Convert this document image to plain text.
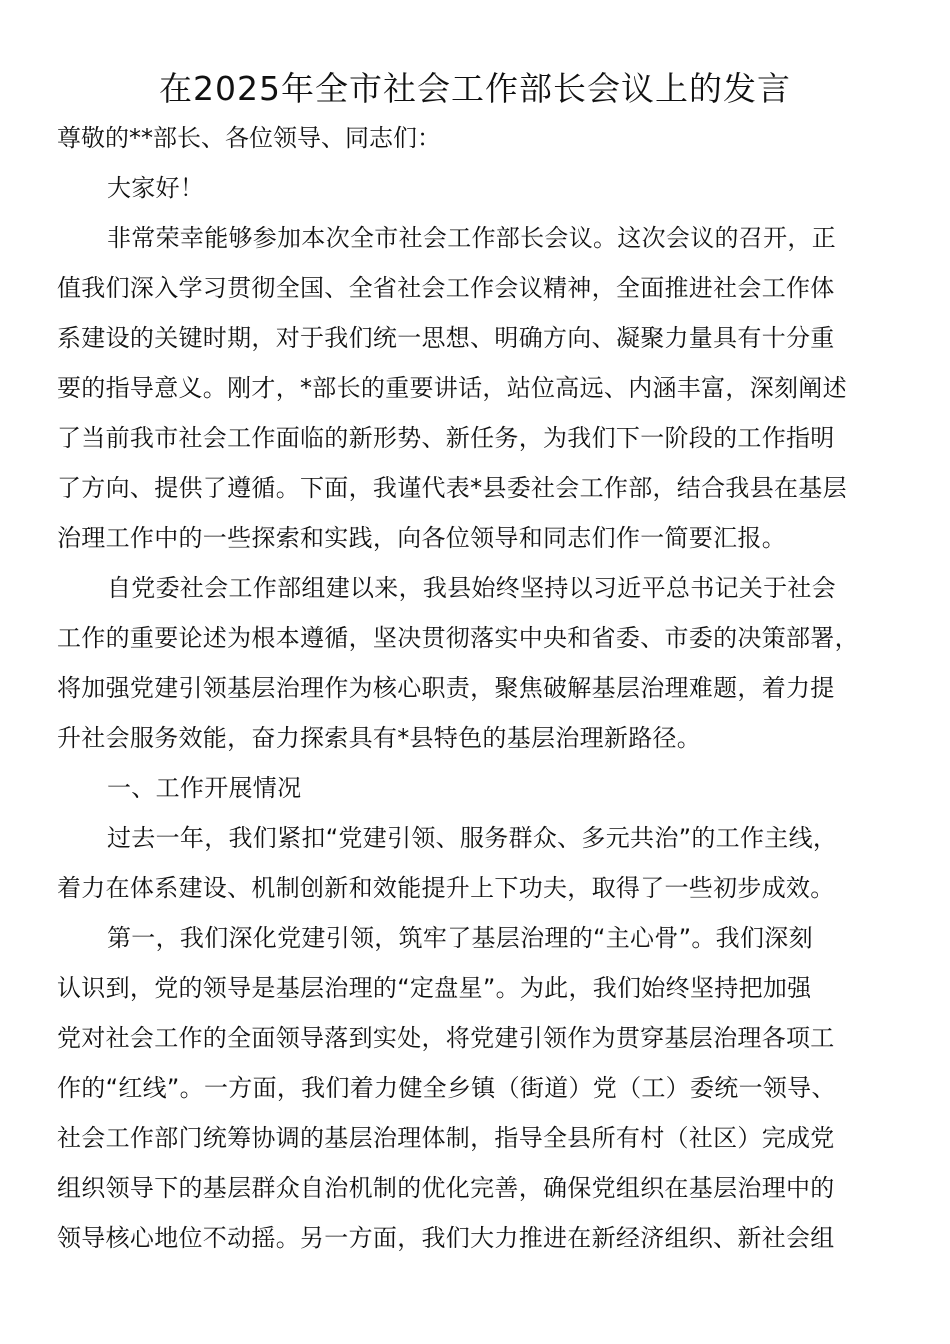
在2025年全市社会工作部长会议上的发言
尊敬的**部长、各位领导、同志们：
大家好！
非常荣幸能够参加本次全市社会工作部长会议。这次会议的召开，正
值我们深入学习贯彻全国、全省社会工作会议精神，全面推进社会工作体
系建设的关键时期，对于我们统一思想、明确方向、凝聚力量具有十分重
要的指导意义。刚才，*部长的重要讲话，站位高远、内涵丰富，深刻阐述
了当前我市社会工作面临的新形势、新任务，为我们下一阶段的工作指明
了方向、提供了遵循。下面，我谨代表*县委社会工作部，结合我县在基层
治理工作中的一些探索和实践，向各位领导和同志们作一简要汇报。
自党委社会工作部组建以来，我县始终坚持以习近平总书记关于社会
工作的重要论述为根本遵循，坚决贯彻落实中央和省委、市委的决策部署，
将加强党建引领基层治理作为核心职责，聚焦破解基层治理难题，着力提
升社会服务效能，奋力探索具有*县特色的基层治理新路径。
一、工作开展情况
过去一年，我们紧扣“党建引领、服务群众、多元共治”的工作主线，
着力在体系建设、机制创新和效能提升上下功夫，取得了一些初步成效。
第一，我们深化党建引领，筑牢了基层治理的“主心骨”。我们深刻
认识到，党的领导是基层治理的“定盘星”。为此，我们始终坚持把加强
党对社会工作的全面领导落到实处，将党建引领作为贯穿基层治理各项工
作的“红线”。一方面，我们着力健全乡镇（街道）党（工）委统一领导、
社会工作部门统筹协调的基层治理体制，指导全县所有村（社区）完成党
组织领导下的基层群众自治机制的优化完善，确保党组织在基层治理中的
领导核心地位不动摇。另一方面，我们大力推进在新经济组织、新社会组
